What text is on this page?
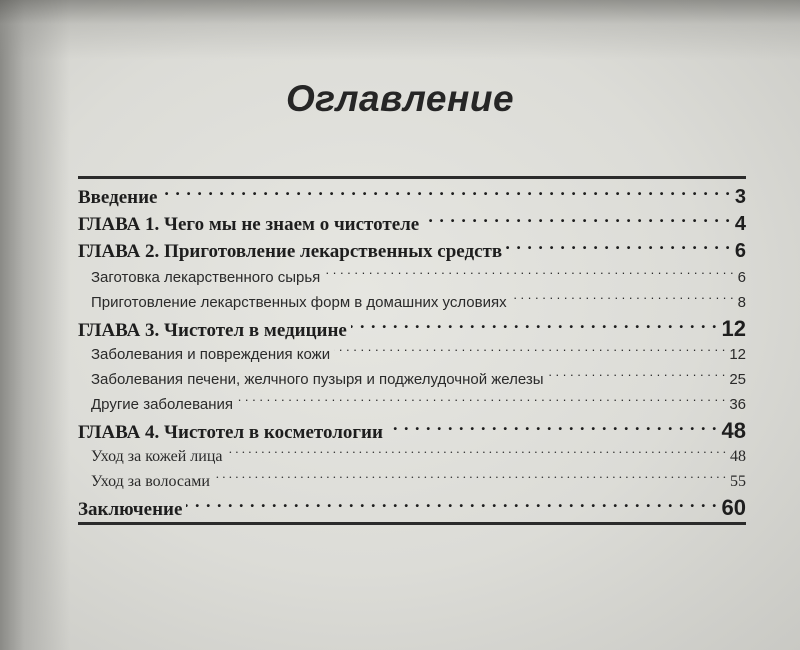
Оглавление
Введение . . .	3
ГЛАВА 1. Чего мы не знаем о чистотеле . . .	4
ГЛАВА 2. Приготовление лекарственных средств . . .	6
Заготовка лекарственного сырья . . .	6
Приготовление лекарственных форм в домашних условиях . . .	8
ГЛАВА 3. Чистотел в медицине . . .	12
Заболевания и повреждения кожи . . .	12
Заболевания печени, желчного пузыря и поджелудочной железы . . .	25
Другие заболевания . . .	36
ГЛАВА 4. Чистотел в косметологии . . .	48
Уход за кожей лица . . .	48
Уход за волосами . . .	55
Заключение . . .	60
